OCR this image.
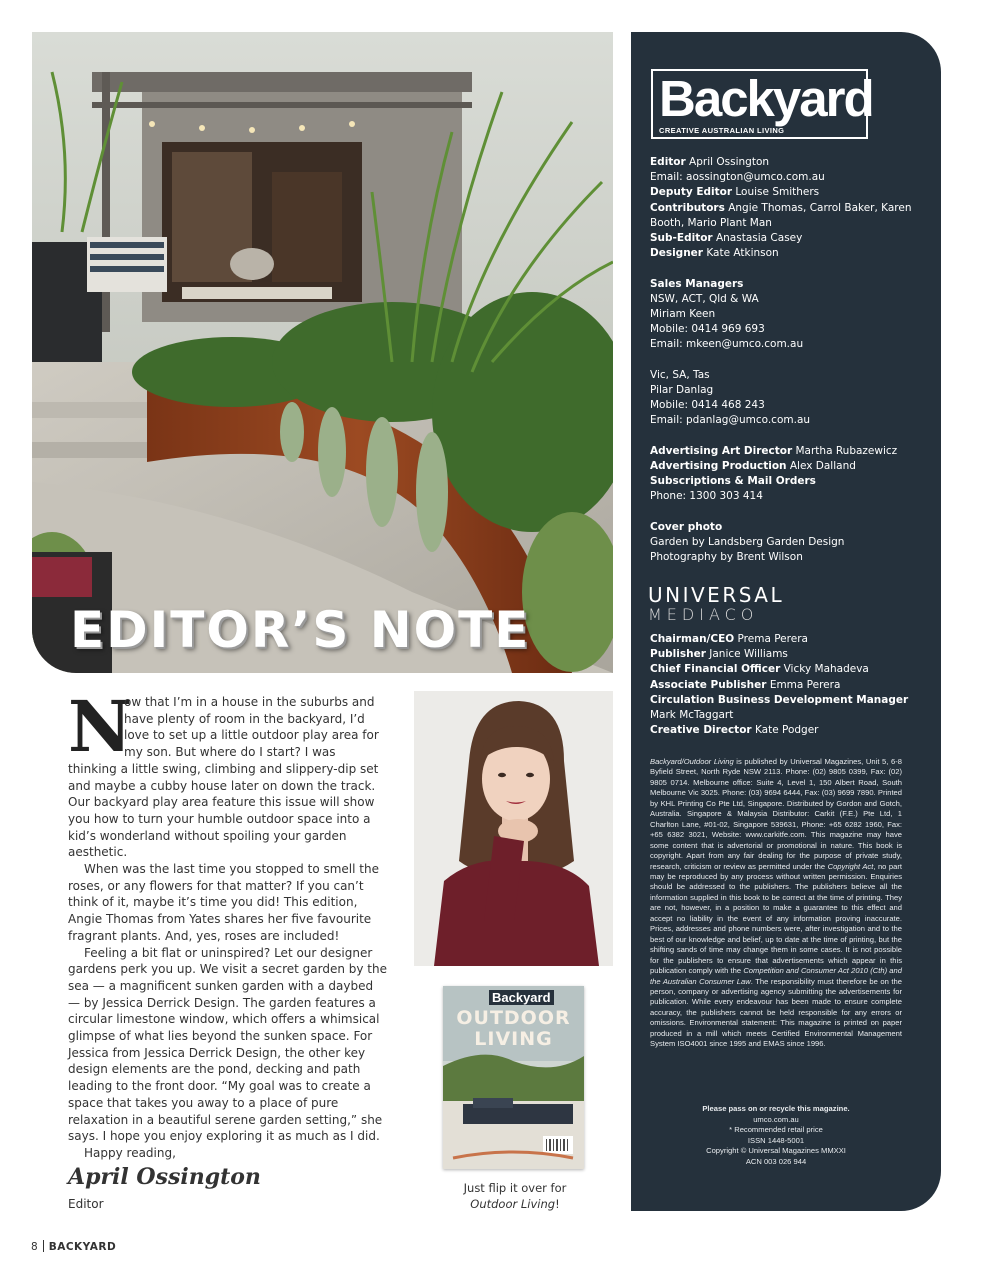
EDITOR’S NOTE
N

ow that I’m in a house in the suburbs and have plenty of room in the backyard, I’d love to set up a little outdoor play area for my son. But where do I start? I was thinking a little swing, climbing and slippery-dip set and maybe a cubby house later on down the track. Our backyard play area feature this issue will show you how to turn your humble outdoor space into a kid’s wonderland without spoiling your garden aesthetic.

When was the last time you stopped to smell the roses, or any flowers for that matter? If you can’t think of it, maybe it’s time you did! This edition, Angie Thomas from Yates shares her five favourite fragrant plants. And, yes, roses are included!

Feeling a bit flat or uninspired? Let our designer gardens perk you up. We visit a secret garden by the sea — a magnificent sunken garden with a daybed — by Jessica Derrick Design. The garden features a circular limestone window, which offers a whimsical glimpse of what lies beyond the sunken space. For Jessica from Jessica Derrick Design, the other key design elements are the pond, decking and path leading to the front door. “My goal was to create a space that takes you away to a place of pure relaxation in a beautiful serene garden setting,” she says. I hope you enjoy exploring it as much as I did.

Happy reading,

April Ossington
Editor
Backyard
OUTDOOR LIVING
Just flip it over for
Outdoor Living!
Backyard
CREATIVE AUSTRALIAN LIVING
Editor April Ossington
Email: aossington@umco.com.au
Deputy Editor Louise Smithers
Contributors Angie Thomas, Carrol Baker, Karen Booth, Mario Plant Man
Sub-Editor Anastasia Casey
Designer Kate Atkinson
Sales Managers
NSW, ACT, Qld & WA
Miriam Keen
Mobile: 0414 969 693
Email: mkeen@umco.com.au
Vic, SA, Tas
Pilar Danlag
Mobile: 0414 468 243
Email: pdanlag@umco.com.au
Advertising Art Director Martha Rubazewicz
Advertising Production Alex Dalland
Subscriptions & Mail Orders
Phone: 1300 303 414
Cover photo
Garden by Landsberg Garden Design
Photography by Brent Wilson
UNIVERSAL
MEDIACO
Chairman/CEO Prema Perera
Publisher Janice Williams
Chief Financial Officer Vicky Mahadeva
Associate Publisher Emma Perera
Circulation Business Development Manager
Mark McTaggart
Creative Director Kate Podger
Backyard/Outdoor Living is published by Universal Magazines, Unit 5, 6-8 Byfield Street, North Ryde NSW 2113. Phone: (02) 9805 0399, Fax: (02) 9805 0714. Melbourne office: Suite 4, Level 1, 150 Albert Road, South Melbourne Vic 3025. Phone: (03) 9694 6444, Fax: (03) 9699 7890. Printed by KHL Printing Co Pte Ltd, Singapore. Distributed by Gordon and Gotch, Australia. Singapore & Malaysia Distributor: Carkit (F.E.) Pte Ltd, 1 Charlton Lane, #01-02, Singapore 539631, Phone: +65 6282 1960, Fax: +65 6382 3021, Website: www.carkitfe.com. This magazine may have some content that is advertorial or promotional in nature. This book is copyright. Apart from any fair dealing for the purpose of private study, research, criticism or review as permitted under the Copyright Act, no part may be reproduced by any process without written permission. Enquiries should be addressed to the publishers. The publishers believe all the information supplied in this book to be correct at the time of printing. They are not, however, in a position to make a guarantee to this effect and accept no liability in the event of any information proving inaccurate. Prices, addresses and phone numbers were, after investigation and to the best of our knowledge and belief, up to date at the time of printing, but the shifting sands of time may change them in some cases. It is not possible for the publishers to ensure that advertisements which appear in this publication comply with the Competition and Consumer Act 2010 (Cth) and the Australian Consumer Law. The responsibility must therefore be on the person, company or advertising agency submitting the advertisements for publication. While every endeavour has been made to ensure complete accuracy, the publishers cannot be held responsible for any errors or omissions. Environmental statement: This magazine is printed on paper produced in a mill which meets Certified Environmental Management System ISO4001 since 1995 and EMAS since 1996.
Please pass on or recycle this magazine.
umco.com.au
* Recommended retail price
ISSN 1448-5001
Copyright © Universal Magazines MMXXI
ACN 003 026 944
8 BACKYARD
